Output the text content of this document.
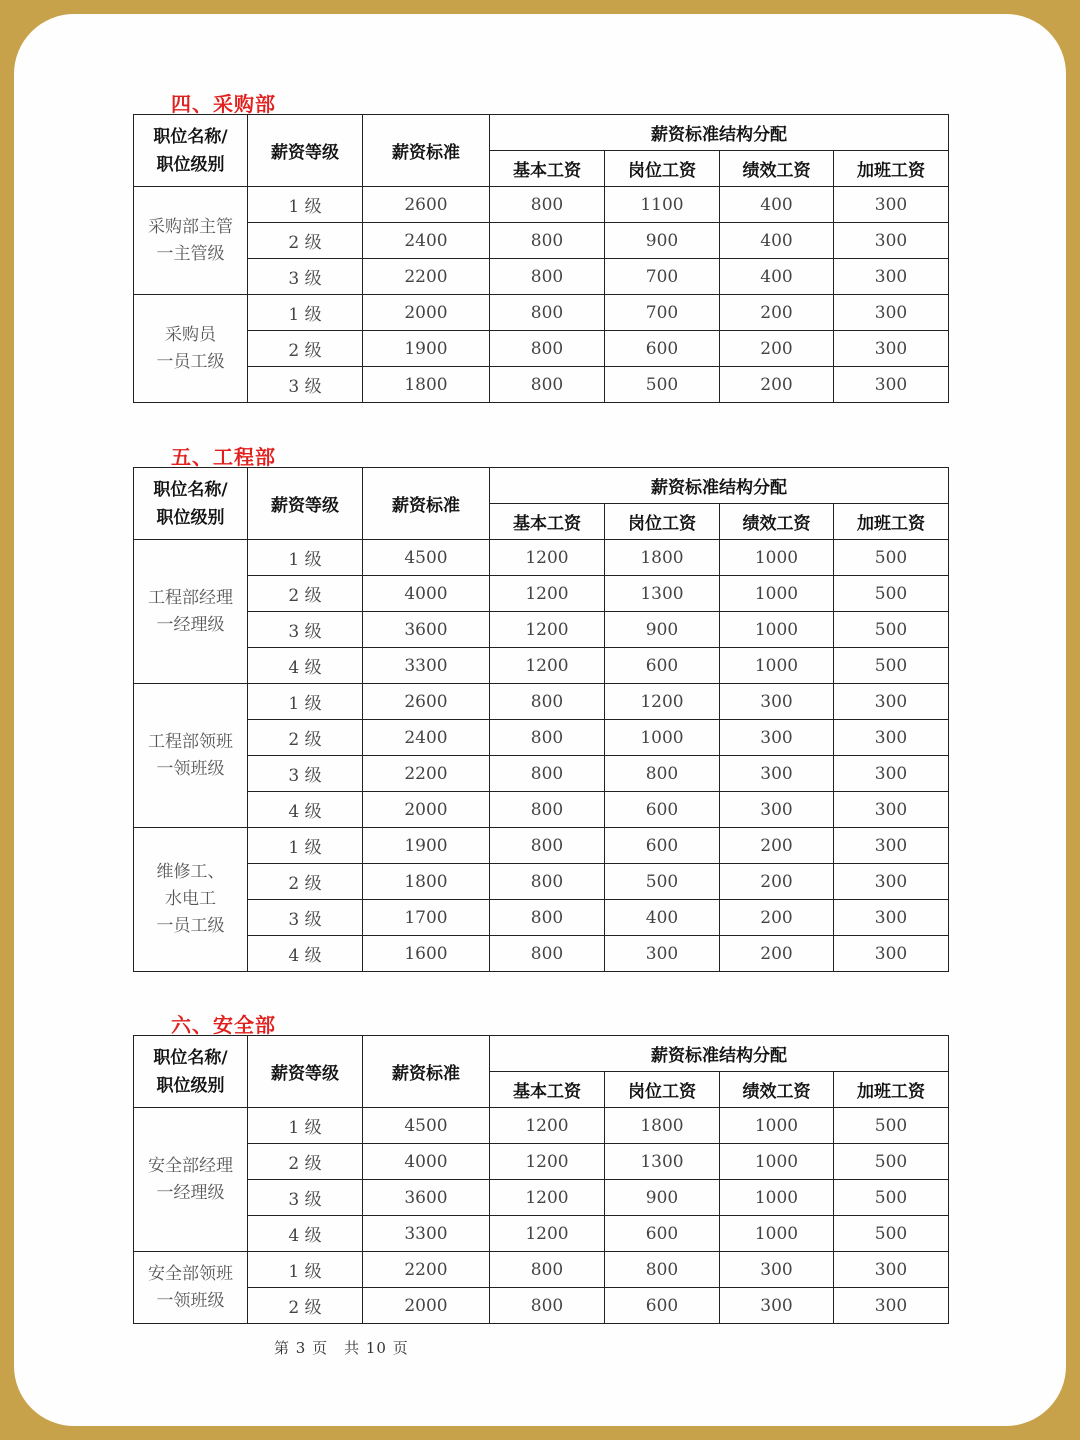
四、采购部
职位名称/
职位级别	薪资等级	薪资标准	薪资标准结构分配			
			基本工资	岗位工资	绩效工资	加班工资

采购部主管
一主管级	1 级	2600	800	1100	400	300
	2 级	2400	800	900	400	300
	3 级	2200	800	700	400	300

采购员
一员工级	1 级	2000	800	700	200	300
	2 级	1900	800	600	200	300
	3 级	1800	800	500	200	300
五、工程部
职位名称/
职位级别	薪资等级	薪资标准	薪资标准结构分配			
			基本工资	岗位工资	绩效工资	加班工资

工程部经理
一经理级	1 级	4500	1200	1800	1000	500
	2 级	4000	1200	1300	1000	500
	3 级	3600	1200	900	1000	500
	4 级	3300	1200	600	1000	500

工程部领班
一领班级	1 级	2600	800	1200	300	300
	2 级	2400	800	1000	300	300
	3 级	2200	800	800	300	300
	4 级	2000	800	600	300	300

维修工、
水电工
一员工级	1 级	1900	800	600	200	300
	2 级	1800	800	500	200	300
	3 级	1700	800	400	200	300
	4 级	1600	800	300	200	300
六、安全部
职位名称/
职位级别	薪资等级	薪资标准	薪资标准结构分配			
			基本工资	岗位工资	绩效工资	加班工资

安全部经理
一经理级	1 级	4500	1200	1800	1000	500
	2 级	4000	1200	1300	1000	500
	3 级	3600	1200	900	1000	500
	4 级	3300	1200	600	1000	500

安全部领班
一领班级	1 级	2200	800	800	300	300
	2 级	2000	800	600	300	300
第 3 页　共 10 页
